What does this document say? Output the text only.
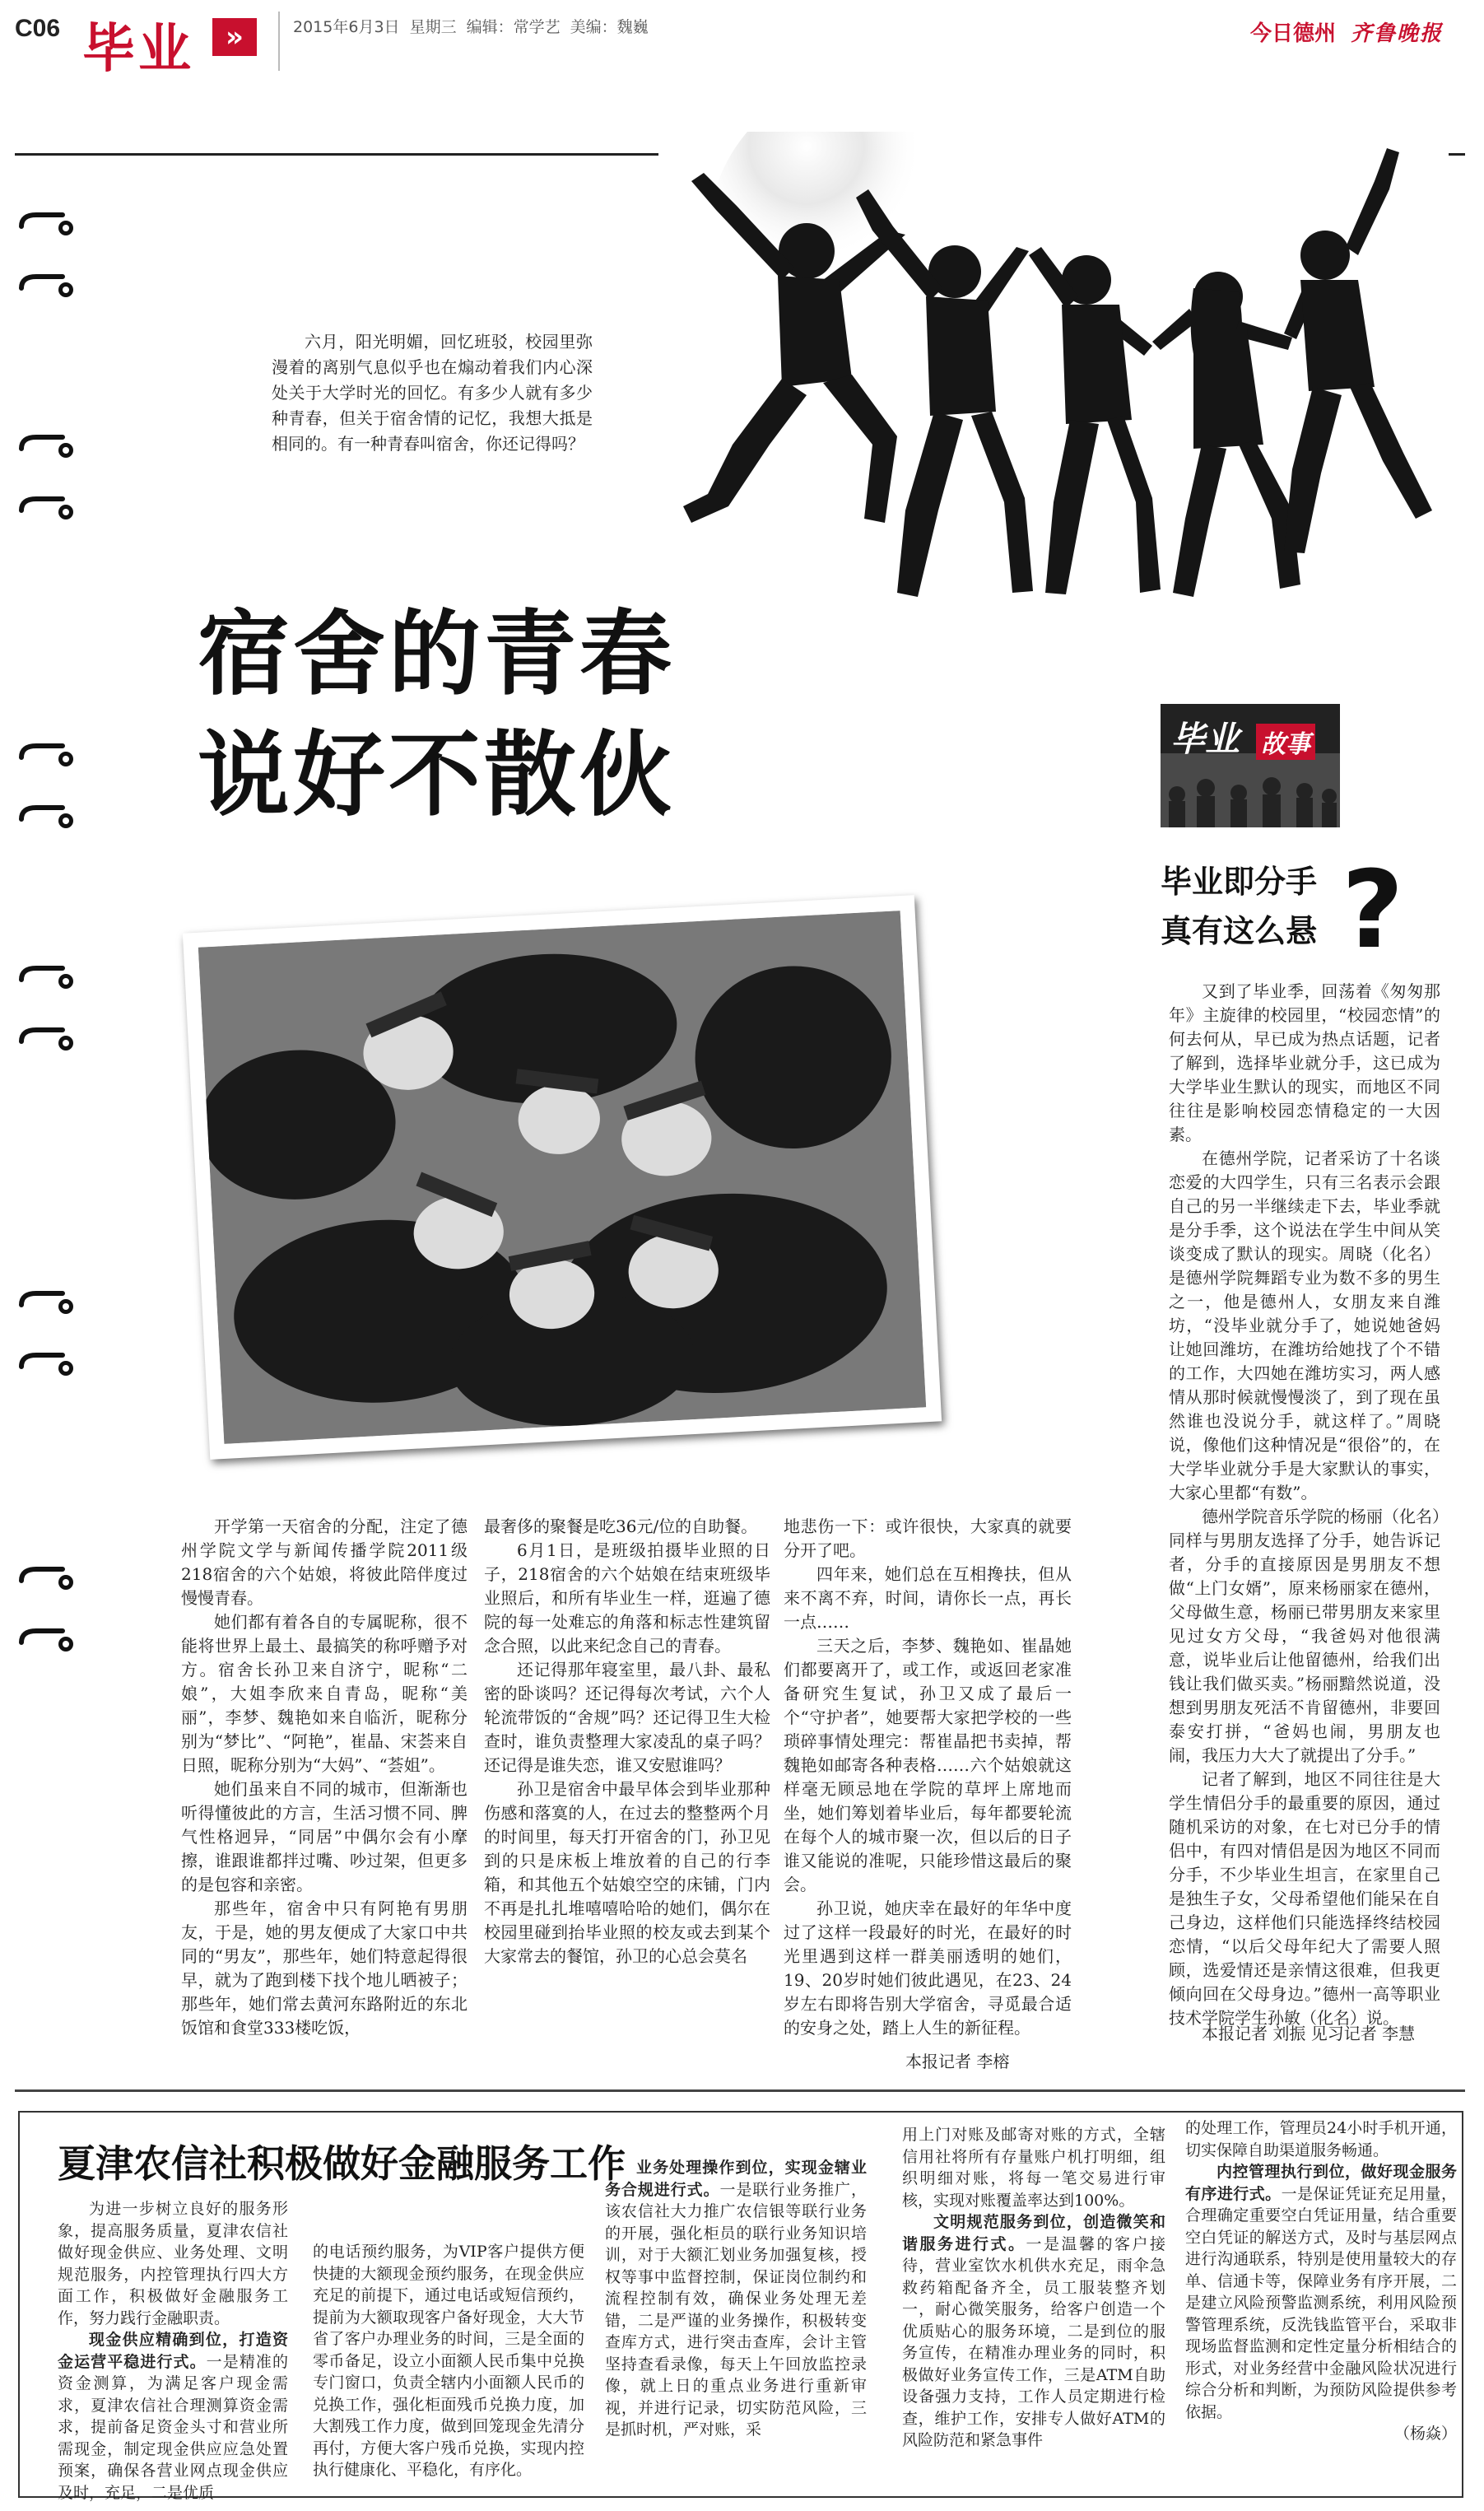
C06 毕业	»	2015年6月3日 星期三 编辑：常学艺 美编：魏巍	今日德州 齐鲁晚报
六月，阳光明媚，回忆班驳，校园里弥漫着的离别气息似乎也在煽动着我们内心深处关于大学时光的回忆。有多少人就有多少种青春，但关于宿舍情的记忆，我想大抵是相同的。有一种青春叫宿舍，你还记得吗？
宿舍的青春
说好不散伙	毕业 故事
毕业即分手
真有这么悬 ?

开学第一天宿舍的分配，注定了德州学院文学与新闻传播学院2011级218宿舍的六个姑娘，将彼此陪伴度过慢慢青春。

她们都有着各自的专属昵称，很不能将世界上最土、最搞笑的称呼赠予对方。宿舍长孙卫来自济宁，昵称“二娘”，大姐李欣来自青岛，昵称“美丽”，李梦、魏艳如来自临沂，昵称分别为“梦比”、“阿艳”，崔晶、宋荟来自日照，昵称分别为“大妈”、“荟姐”。

她们虽来自不同的城市，但渐渐也听得懂彼此的方言，生活习惯不同、脾气性格迥异，“同居”中偶尔会有小摩擦，谁跟谁都拌过嘴、吵过架，但更多的是包容和亲密。

那些年，宿舍中只有阿艳有男朋友，于是，她的男友便成了大家口中共同的“男友”，那些年，她们特意起得很早，就为了跑到楼下找个地儿晒被子；那些年，她们常去黄河东路附近的东北饭馆和食堂333楼吃饭，

最奢侈的聚餐是吃36元/位的自助餐。

6月1日，是班级拍摄毕业照的日子，218宿舍的六个姑娘在结束班级毕业照后，和所有毕业生一样，逛遍了德院的每一处难忘的角落和标志性建筑留念合照，以此来纪念自己的青春。

还记得那年寝室里，最八卦、最私密的卧谈吗？还记得每次考试，六个人轮流带饭的“舍规”吗？还记得卫生大检查时，谁负责整理大家凌乱的桌子吗？还记得是谁失恋，谁又安慰谁吗？

孙卫是宿舍中最早体会到毕业那种伤感和落寞的人，在过去的整整两个月的时间里，每天打开宿舍的门，孙卫见到的只是床板上堆放着的自己的行李箱，和其他五个姑娘空空的床铺，门内不再是扎扎堆嘻嘻哈哈的她们，偶尔在校园里碰到抬毕业照的校友或去到某个大家常去的餐馆，孙卫的心总会莫名

地悲伤一下：或许很快，大家真的就要分开了吧。

四年来，她们总在互相搀扶，但从来不离不弃，时间，请你长一点，再长一点……

三天之后，李梦、魏艳如、崔晶她们都要离开了，或工作，或返回老家准备研究生复试，孙卫又成了最后一个“守护者”，她要帮大家把学校的一些琐碎事情处理完：帮崔晶把书卖掉，帮魏艳如邮寄各种表格……六个姑娘就这样毫无顾忌地在学院的草坪上席地而坐，她们筹划着毕业后，每年都要轮流在每个人的城市聚一次，但以后的日子谁又能说的准呢，只能珍惜这最后的聚会。

孙卫说，她庆幸在最好的年华中度过了这样一段最好的时光，在最好的时光里遇到这样一群美丽透明的她们，19、20岁时她们彼此遇见，在23、24岁左右即将告别大学宿舍，寻觅最合适的安身之处，踏上人生的新征程。

本报记者 李榕

又到了毕业季，回荡着《匆匆那年》主旋律的校园里，“校园恋情”的何去何从，早已成为热点话题，记者了解到，选择毕业就分手，这已成为大学毕业生默认的现实，而地区不同往往是影响校园恋情稳定的一大因素。

在德州学院，记者采访了十名谈恋爱的大四学生，只有三名表示会跟自己的另一半继续走下去，毕业季就是分手季，这个说法在学生中间从笑谈变成了默认的现实。周晓（化名）是德州学院舞蹈专业为数不多的男生之一，他是德州人，女朋友来自潍坊，“没毕业就分手了，她说她爸妈让她回潍坊，在潍坊给她找了个不错的工作，大四她在潍坊实习，两人感情从那时候就慢慢淡了，到了现在虽然谁也没说分手，就这样了。”周晓说，像他们这种情况是“很俗”的，在大学毕业就分手是大家默认的事实，大家心里都“有数”。

德州学院音乐学院的杨丽（化名）同样与男朋友选择了分手，她告诉记者，分手的直接原因是男朋友不想做“上门女婿”，原来杨丽家在德州，父母做生意，杨丽已带男朋友来家里见过女方父母，“我爸妈对他很满意，说毕业后让他留德州，给我们出钱让我们做买卖。”杨丽黯然说道，没想到男朋友死活不肯留德州，非要回泰安打拼，“爸妈也闹，男朋友也闹，我压力大大了就提出了分手。”

记者了解到，地区不同往往是大学生情侣分手的最重要的原因，通过随机采访的对象，在七对已分手的情侣中，有四对情侣是因为地区不同而分手，不少毕业生坦言，在家里自己是独生子女，父母希望他们能呆在自己身边，这样他们只能选择终结校园恋情，“以后父母年纪大了需要人照顾，选爱情还是亲情这很难，但我更倾向回在父母身边。”德州一高等职业技术学院学生孙敏（化名）说。

本报记者 刘振 见习记者 李慧
夏津农信社积极做好金融服务工作

为进一步树立良好的服务形象，提高服务质量，夏津农信社做好现金供应、业务处理、文明规范服务，内控管理执行四大方面工作，积极做好金融服务工作，努力践行金融职责。

现金供应精确到位，打造资金运营平稳进行式。一是精准的资金测算，为满足客户现金需求，夏津农信社合理测算资金需求，提前备足资金头寸和营业所需现金，制定现金供应应急处置预案，确保各营业网点现金供应及时，充足，二是优质

的电话预约服务，为VIP客户提供方便快捷的大额现金预约服务，在现金供应充足的前提下，通过电话或短信预约，提前为大额取现客户备好现金，大大节省了客户办理业务的时间，三是全面的零币备足，设立小面额人民币集中兑换专门窗口，负责全辖内小面额人民币的兑换工作，强化柜面残币兑换力度，加大割残工作力度，做到回笼现金先清分再付，方便大客户残币兑换，实现内控执行健康化、平稳化，有序化。

业务处理操作到位，实现金辖业务合规进行式。一是联行业务推广，该农信社大力推广农信银等联行业务的开展，强化柜员的联行业务知识培训，对于大额汇划业务加强复核，授权等事中监督控制，保证岗位制约和流程控制有效，确保业务处理无差错，二是严谨的业务操作，积极转变查库方式，进行突击查库，会计主管坚持查看录像，每天上午回放监控录像，就上日的重点业务进行重新审视，并进行记录，切实防范风险，三是抓时机，严对账，采

用上门对账及邮寄对账的方式，全辖信用社将所有存量账户机打明细，组织明细对账，将每一笔交易进行审核，实现对账覆盖率达到100%。

文明规范服务到位，创造微笑和谐服务进行式。一是温馨的客户接待，营业室饮水机供水充足，雨伞急救药箱配备齐全，员工服装整齐划一，耐心微笑服务，给客户创造一个优质贴心的服务环境，二是到位的服务宣传，在精准办理业务的同时，积极做好业务宣传工作，三是ATM自助设备强力支持，工作人员定期进行检查，维护工作，安排专人做好ATM的风险防范和紧急事件

的处理工作，管理员24小时手机开通，切实保障自助渠道服务畅通。

内控管理执行到位，做好现金服务有序进行式。一是保证凭证充足用量，合理确定重要空白凭证用量，结合重要空白凭证的解送方式，及时与基层网点进行沟通联系，特别是使用量较大的存单、信通卡等，保障业务有序开展，二是建立风险预警监测系统，利用风险预警管理系统，反洗钱监管平台，采取非现场监督监测和定性定量分析相结合的形式，对业务经营中金融风险状况进行综合分析和判断，为预防风险提供参考依据。

（杨焱）
